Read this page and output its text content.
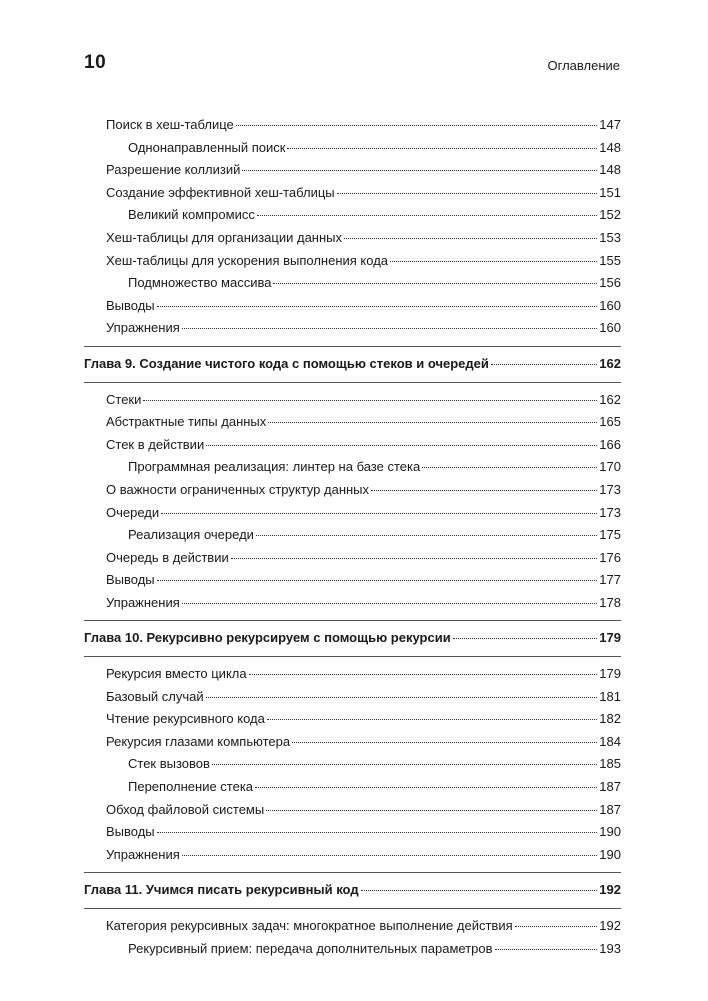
10	Оглавление
Поиск в хеш-таблице	147
Однонаправленный поиск	148
Разрешение коллизий	148
Создание эффективной хеш-таблицы	151
Великий компромисс	152
Хеш-таблицы для организации данных	153
Хеш-таблицы для ускорения выполнения кода	155
Подмножество массива	156
Выводы	160
Упражнения	160
Глава 9. Создание чистого кода с помощью стеков и очередей	162
Стеки	162
Абстрактные типы данных	165
Стек в действии	166
Программная реализация: линтер на базе стека	170
О важности ограниченных структур данных	173
Очереди	173
Реализация очереди	175
Очередь в действии	176
Выводы	177
Упражнения	178
Глава 10. Рекурсивно рекурсируем с помощью рекурсии	179
Рекурсия вместо цикла	179
Базовый случай	181
Чтение рекурсивного кода	182
Рекурсия глазами компьютера	184
Стек вызовов	185
Переполнение стека	187
Обход файловой системы	187
Выводы	190
Упражнения	190
Глава 11. Учимся писать рекурсивный код	192
Категория рекурсивных задач: многократное выполнение действия	192
Рекурсивный прием: передача дополнительных параметров	193
